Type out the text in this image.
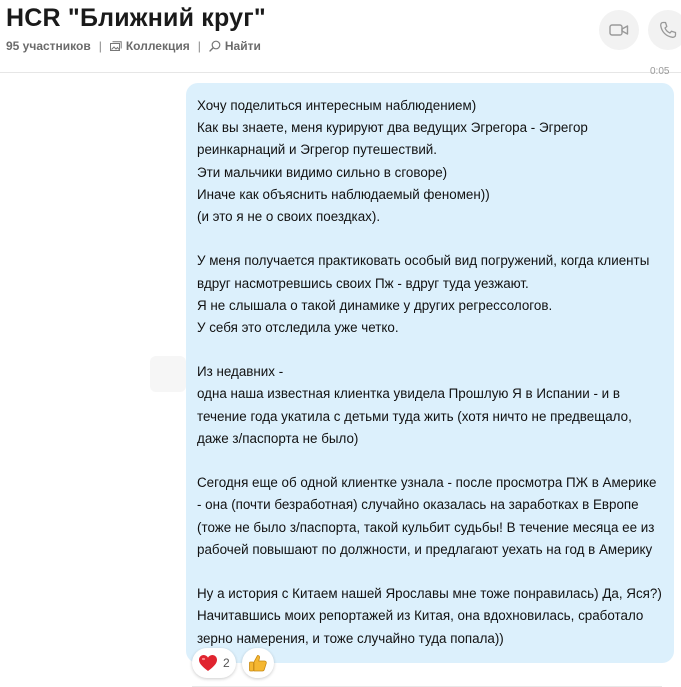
HCR "Ближний круг"
95 участников | Коллекция | Найти
0:05
Хочу поделиться интересным наблюдением)
Как вы знаете, меня курируют два ведущих Эгрегора - Эгрегор
реинкарнаций и Эгрегор путешествий.
Эти мальчики видимо сильно в сговоре)
Иначе как объяснить наблюдаемый феномен))
(и это я не о своих поездках).
У меня получается практиковать особый вид погружений, когда клиенты
вдруг насмотревшись своих Пж - вдруг туда уезжают.
Я не слышала о такой динамике у других регрессологов.
У себя это отследила уже четко.
Из недавних -
одна наша известная клиентка увидела Прошлую Я в Испании - и в
течение года укатила с детьми туда жить (хотя ничто не предвещало,
даже з/паспорта не было)
Сегодня еще об одной клиентке узнала - после просмотра ПЖ в Америке
- она (почти безработная) случайно оказалась на заработках в Европе
(тоже не было з/паспорта, такой кульбит судьбы! В течение месяца ее из
рабочей повышают по должности, и предлагают уехать на год в Америку
Ну а история с Китаем нашей Ярославы мне тоже понравилась) Да, Яся?)
Начитавшись моих репортажей из Китая, она вдохновилась, сработало
зерно намерения, и тоже случайно туда попала))
2
